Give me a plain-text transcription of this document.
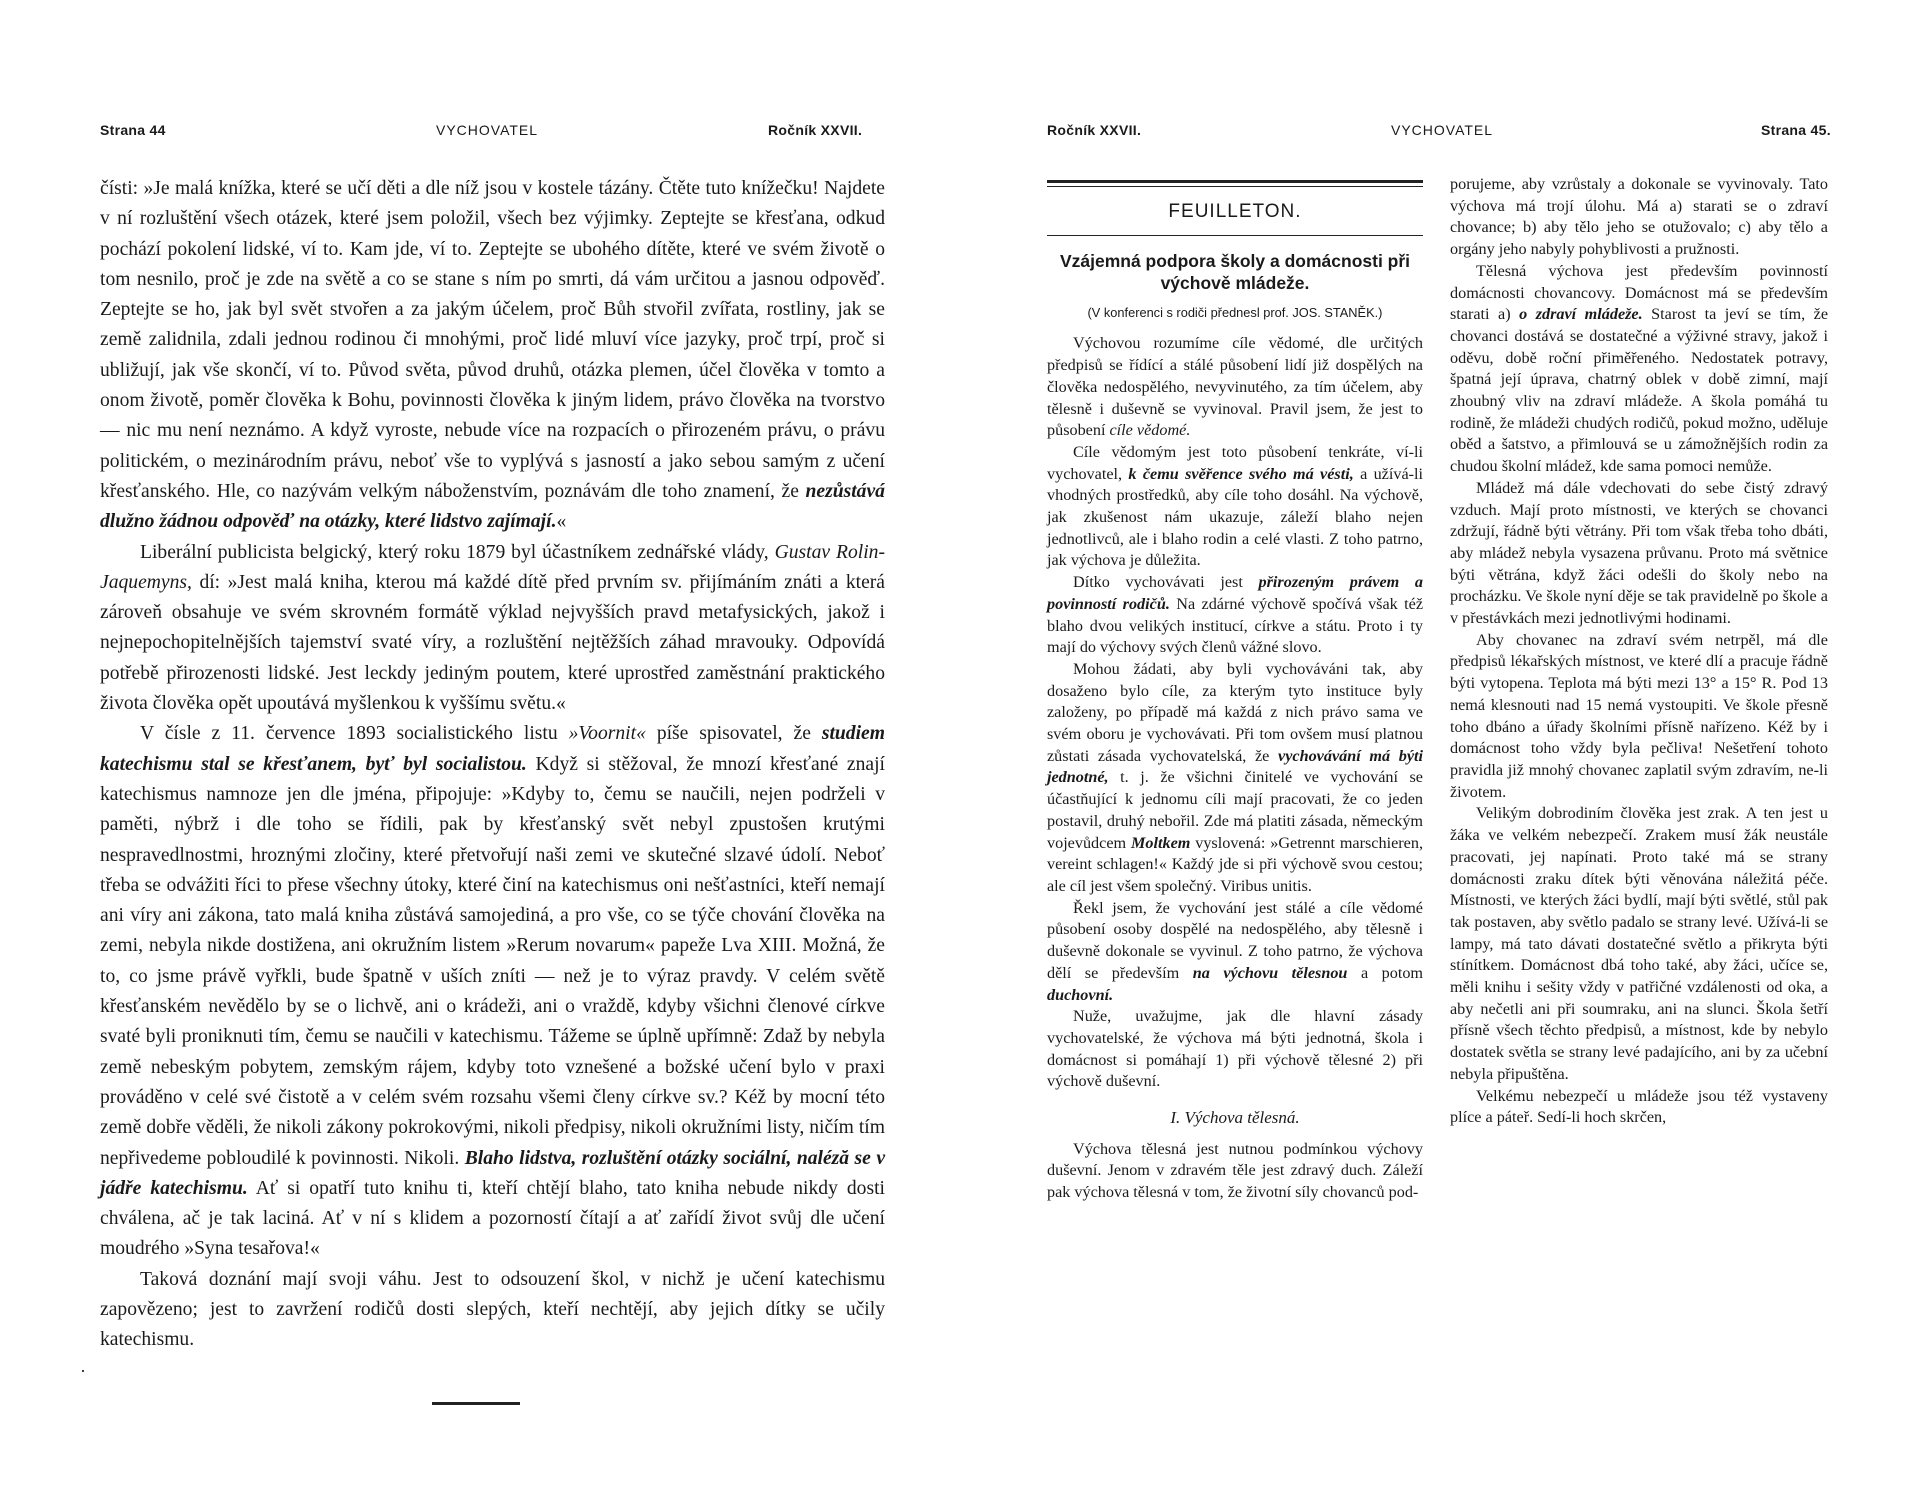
Strana 44	VYCHOVATEL	Ročník XXVII.

čísti: »Je malá knížka, které se učí děti a dle níž jsou v kostele tázány. Čtěte tuto knížečku! Najdete v ní rozluštění všech otázek, které jsem položil, všech bez výjimky. Zeptejte se křesťana, odkud pochází pokolení lidské, ví to. Kam jde, ví to. Zeptejte se ubohého dítěte, které ve svém životě o tom nesnilo, proč je zde na světě a co se stane s ním po smrti, dá vám určitou a jasnou odpověď. Zeptejte se ho, jak byl svět stvořen a za jakým účelem, proč Bůh stvořil zvířata, rostliny, jak se země zalidnila, zdali jednou rodinou či mnohými, proč lidé mluví více jazyky, proč trpí, proč si ubližují, jak vše skončí, ví to. Původ světa, původ druhů, otázka plemen, účel člověka v tomto a onom životě, poměr člověka k Bohu, povinnosti člověka k jiným lidem, právo člověka na tvorstvo — nic mu není neznámo. A když vyroste, nebude více na rozpacích o přirozeném právu, o právu politickém, o mezinárodním právu, neboť vše to vyplývá s jasností a jako sebou samým z učení křesťanského. Hle, co nazývám velkým náboženstvím, poznávám dle toho znamení, že nezůstává dlužno žádnou odpověď na otázky, které lidstvo zajímají.«

Liberální publicista belgický, který roku 1879 byl účastníkem zednářské vlády, Gustav Rolin-Jaquemyns, dí: »Jest malá kniha, kterou má každé dítě před prvním sv. přijímáním znáti a která zároveň obsahuje ve svém skrovném formátě výklad nejvyšších pravd metafysických, jakož i nejnepochopitelnějších tajemství svaté víry, a rozluštění nejtěžších záhad mravouky. Odpovídá potřebě přirozenosti lidské. Jest leckdy jediným poutem, které uprostřed zaměstnání praktického života člověka opět upoutává myšlenkou k vyššímu světu.«

V čísle z 11. července 1893 socialistického listu »Voornit« píše spisovatel, že studiem katechismu stal se křesťanem, byť byl socialistou. Když si stěžoval, že mnozí křesťané znají katechismus namnoze jen dle jména, připojuje: »Kdyby to, čemu se naučili, nejen podrželi v paměti, nýbrž i dle toho se řídili, pak by křesťanský svět nebyl zpustošen krutými nespravedlnostmi, hroznými zločiny, které přetvořují naši zemi ve skutečné slzavé údolí. Neboť třeba se odvážiti říci to přese všechny útoky, které činí na katechismus oni nešťastníci, kteří nemají ani víry ani zákona, tato malá kniha zůstává samojediná, a pro vše, co se týče chování člověka na zemi, nebyla nikde dostižena, ani okružním listem »Rerum novarum« papeže Lva XIII. Možná, že to, co jsme právě vyřkli, bude špatně v uších zníti — než je to výraz pravdy. V celém světě křesťanském nevědělo by se o lichvě, ani o krádeži, ani o vraždě, kdyby všichni členové církve svaté byli proniknuti tím, čemu se naučili v katechismu. Tážeme se úplně upřímně: Zdaž by nebyla země nebeským pobytem, zemským rájem, kdyby toto vznešené a božské učení bylo v praxi prováděno v celé své čistotě a v celém svém rozsahu všemi členy církve sv.? Kéž by mocní této země dobře věděli, že nikoli zákony pokrokovými, nikoli předpisy, nikoli okružními listy, ničím tím nepřivedeme pobloudilé k povinnosti. Nikoli. Blaho lidstva, rozluštění otázky sociální, naléză se v jádře katechismu. Ať si opatří tuto knihu ti, kteří chtějí blaho, tato kniha nebude nikdy dosti chválena, ač je tak laciná. Ať v ní s klidem a pozorností čítají a ať zařídí život svůj dle učení moudrého »Syna tesařova!«

Taková doznání mají svoji váhu. Jest to odsouzení škol, v nichž je učení katechismu zapovězeno; jest to zavržení rodičů dosti slepých, kteří nechtějí, aby jejich dítky se učily katechismu.

·
Ročník XXVII.	VYCHOVATEL	Strana 45.
FEUILLETON.
Vzájemná podpora školy a domácnosti při výchově mládeže.
(V konferenci s rodiči přednesl prof. JOS. STANĚK.)

Výchovou rozumíme cíle vědomé, dle určitých předpisů se řídící a stálé působení lidí již dospělých na člověka nedospělého, nevyvinutého, za tím účelem, aby tělesně i duševně se vyvinoval. Pravil jsem, že jest to působení cíle vědomé.

Cíle vědomým jest toto působení tenkráte, ví-li vychovatel, k čemu svěřence svého má vésti, a užívá-li vhodných prostředků, aby cíle toho dosáhl. Na výchově, jak zkušenost nám ukazuje, záleží blaho nejen jednotlivců, ale i blaho rodin a celé vlasti. Z toho patrno, jak výchova je důležita.

Dítko vychovávati jest přirozeným právem a povinností rodičů. Na zdárné výchově spočívá však též blaho dvou velikých institucí, církve a státu. Proto i ty mají do výchovy svých členů vážné slovo.

Mohou žádati, aby byli vychováváni tak, aby dosaženo bylo cíle, za kterým tyto instituce byly založeny, po případě má každá z nich právo sama ve svém oboru je vychovávati. Při tom ovšem musí platnou zůstati zásada vychovatelská, že vychovávání má býti jednotné, t. j. že všichni činitelé ve vychování se účastňující k jednomu cíli mají pracovati, že co jeden postavil, druhý nebořil. Zde má platiti zásada, německým vojevůdcem Moltkem vyslovená: »Getrennt marschieren, vereint schlagen!« Každý jde si při výchově svou cestou; ale cíl jest všem společný. Viribus unitis.

Řekl jsem, že vychování jest stálé a cíle vědomé působení osoby dospělé na nedospělého, aby tělesně i duševně dokonale se vyvinul. Z toho patrno, že výchova dělí se především na výchovu tělesnou a potom duchovní.

Nuže, uvažujme, jak dle hlavní zásady vychovatelské, že výchova má býti jednotná, škola i domácnost si pomáhají 1) při výchově tělesné 2) při výchově duševní.

I. Výchova tělesná.

Výchova tělesná jest nutnou podmínkou výchovy duševní. Jenom v zdravém těle jest zdravý duch. Záleží pak výchova tělesná v tom, že životní síly chovanců pod-

porujeme, aby vzrůstaly a dokonale se vyvinovaly. Tato výchova má trojí úlohu. Má a) starati se o zdraví chovance; b) aby tělo jeho se otužovalo; c) aby tělo a orgány jeho nabyly pohyblivosti a pružnosti.

Tělesná výchova jest především povinností domácnosti chovancovy. Domácnost má se především starati a) o zdraví mládeže. Starost ta jeví se tím, že chovanci dostává se dostatečné a výživné stravy, jakož i oděvu, době roční přiměřeného. Nedostatek potravy, špatná její úprava, chatrný oblek v době zimní, mají zhoubný vliv na zdraví mládeže. A škola pomáhá tu rodině, že mládeži chudých rodičů, pokud možno, uděluje oběd a šatstvo, a přimlouvá se u zámožnějších rodin za chudou školní mládež, kde sama pomoci nemůže.

Mládež má dále vdechovati do sebe čistý zdravý vzduch. Mají proto místnosti, ve kterých se chovanci zdržují, řádně býti větrány. Při tom však třeba toho dbáti, aby mládež nebyla vysazena průvanu. Proto má světnice býti větrána, když žáci odešli do školy nebo na procházku. Ve škole nyní děje se tak pravidelně po škole a v přestávkách mezi jednotlivými hodinami.

Aby chovanec na zdraví svém netrpěl, má dle předpisů lékařských místnost, ve které dlí a pracuje řádně býti vytopena. Teplota má býti mezi 13° a 15° R. Pod 13 nemá klesnouti nad 15 nemá vystoupiti. Ve škole přesně toho dbáno a úřady školními přísně nařízeno. Kéž by i domácnost toho vždy byla pečliva! Nešetření tohoto pravidla již mnohý chovanec zaplatil svým zdravím, ne-li životem.

Velikým dobrodiním člověka jest zrak. A ten jest u žáka ve velkém nebezpečí. Zrakem musí žák neustále pracovati, jej napínati. Proto také má se strany domácnosti zraku dítek býti věnována náležitá péče. Místnosti, ve kterých žáci bydlí, mají býti světlé, stůl pak tak postaven, aby světlo padalo se strany levé. Užívá-li se lampy, má tato dávati dostatečné světlo a přikryta býti stínítkem. Domácnost dbá toho také, aby žáci, učíce se, měli knihu i sešity vždy v patřičné vzdálenosti od oka, a aby nečetli ani při soumraku, ani na slunci. Škola šetří přísně všech těchto předpisů, a místnost, kde by nebylo dostatek světla se strany levé padajícího, ani by za učební nebyla připuštěna.

Velkému nebezpečí u mládeže jsou též vystaveny plíce a páteř. Sedí-li hoch skrčen,
